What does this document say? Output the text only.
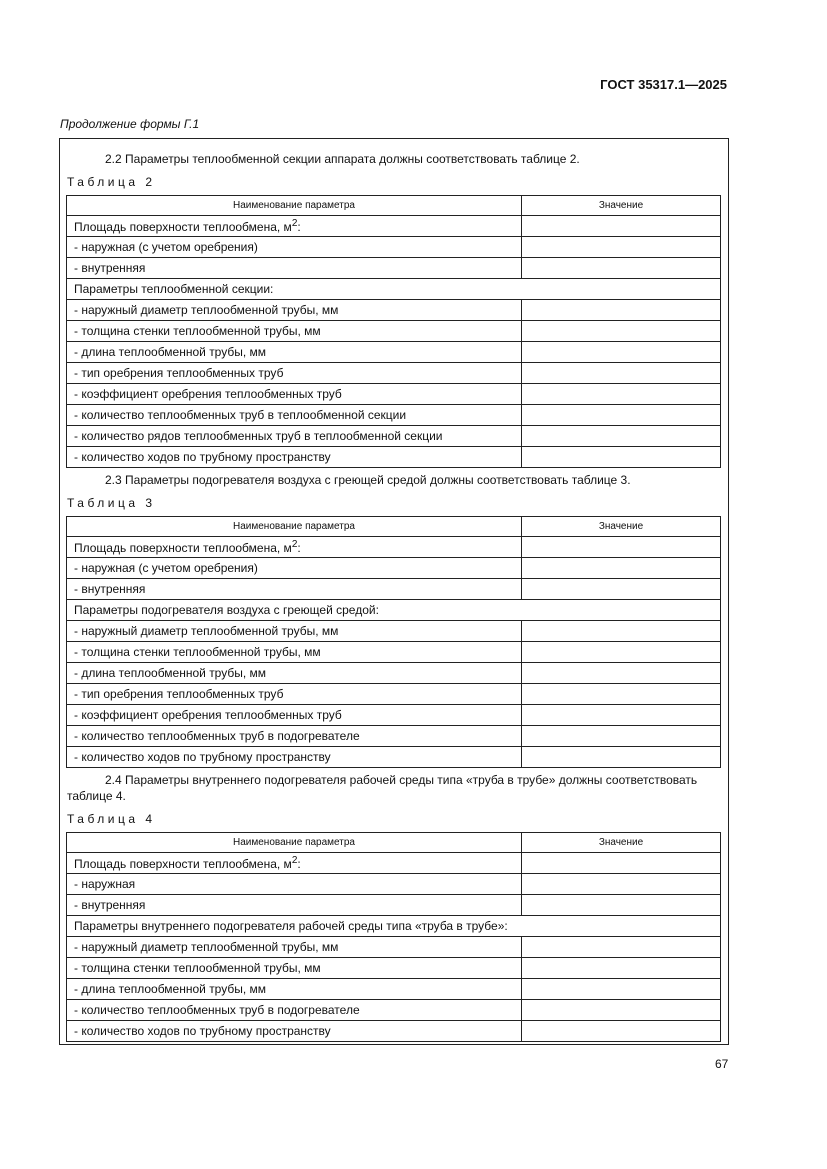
ГОСТ 35317.1—2025
Продолжение формы Г.1
2.2 Параметры теплообменной секции аппарата должны соответствовать таблице 2.
Таблица 2
Наименование параметра	Значение
Площадь поверхности теплообмена, $м^2$:	
- наружная (с учетом оребрения)	
- внутренняя	
Параметры теплообменной секции:	
- наружный диаметр теплообменной трубы, мм	
- толщина стенки теплообменной трубы, мм	
- длина теплообменной трубы, мм	
- тип оребрения теплообменных труб	
- коэффициент оребрения теплообменных труб	
- количество теплообменных труб в теплообменной секции	
- количество рядов теплообменных труб в теплообменной секции	
- количество ходов по трубному пространству	
2.3 Параметры подогревателя воздуха с греющей средой должны соответствовать таблице 3.
Таблица 3
Наименование параметра	Значение
Площадь поверхности теплообмена, $м^2$:	
- наружная (с учетом оребрения)	
- внутренняя	
Параметры подогревателя воздуха с греющей средой:	
- наружный диаметр теплообменной трубы, мм	
- толщина стенки теплообменной трубы, мм	
- длина теплообменной трубы, мм	
- тип оребрения теплообменных труб	
- коэффициент оребрения теплообменных труб	
- количество теплообменных труб в подогревателе	
- количество ходов по трубному пространству	
2.4 Параметры внутреннего подогревателя рабочей среды типа «труба в трубе» должны соответствовать таблице 4.
Таблица 4
Наименование параметра	Значение
Площадь поверхности теплообмена, $м^2$:	
- наружная	
- внутренняя	
Параметры внутреннего подогревателя рабочей среды типа «труба в трубе»:	
- наружный диаметр теплообменной трубы, мм	
- толщина стенки теплообменной трубы, мм	
- длина теплообменной трубы, мм	
- количество теплообменных труб в подогревателе	
- количество ходов по трубному пространству	
67
